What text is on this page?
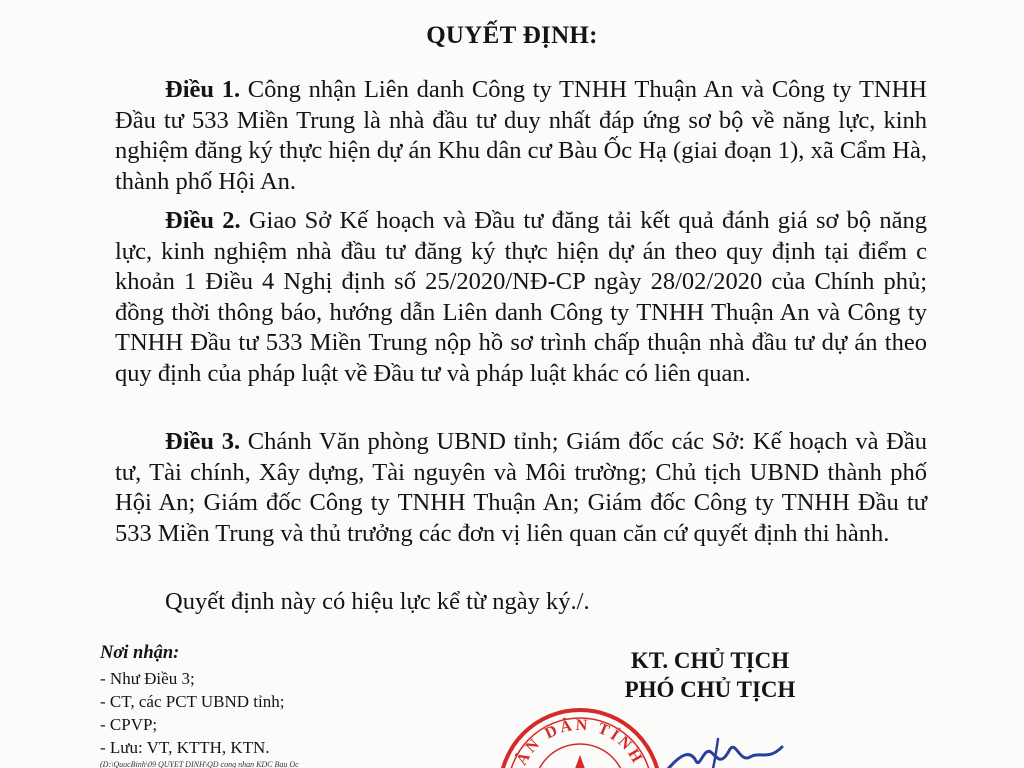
QUYẾT ĐỊNH:

Điều 1. Công nhận Liên danh Công ty TNHH Thuận An và Công ty TNHH Đầu tư 533 Miền Trung là nhà đầu tư duy nhất đáp ứng sơ bộ về năng lực, kinh nghiệm đăng ký thực hiện dự án Khu dân cư Bàu Ốc Hạ (giai đoạn 1), xã Cẩm Hà, thành phố Hội An.

Điều 2. Giao Sở Kế hoạch và Đầu tư đăng tải kết quả đánh giá sơ bộ năng lực, kinh nghiệm nhà đầu tư đăng ký thực hiện dự án theo quy định tại điểm c khoản 1 Điều 4 Nghị định số 25/2020/NĐ-CP ngày 28/02/2020 của Chính phủ; đồng thời thông báo, hướng dẫn Liên danh Công ty TNHH Thuận An và Công ty TNHH Đầu tư 533 Miền Trung nộp hồ sơ trình chấp thuận nhà đầu tư dự án theo quy định của pháp luật về Đầu tư và pháp luật khác có liên quan.

Điều 3. Chánh Văn phòng UBND tỉnh; Giám đốc các Sở: Kế hoạch và Đầu tư, Tài chính, Xây dựng, Tài nguyên và Môi trường; Chủ tịch UBND thành phố Hội An; Giám đốc Công ty TNHH Thuận An; Giám đốc Công ty TNHH Đầu tư 533 Miền Trung và thủ trưởng các đơn vị liên quan căn cứ quyết định thi hành.

Quyết định này có hiệu lực kể từ ngày ký./.

Nơi nhận:

- Như Điều 3;

- CT, các PCT UBND tỉnh;

- CPVP;

- Lưu: VT, KTTH, KTN.

(D:\QuocBinh\09 QUYET DINH\QD cong nhan KDC Bau Oc
KT. CHỦ TỊCH
PHÓ CHỦ TỊCH
ÂN DÂN TỈNH
